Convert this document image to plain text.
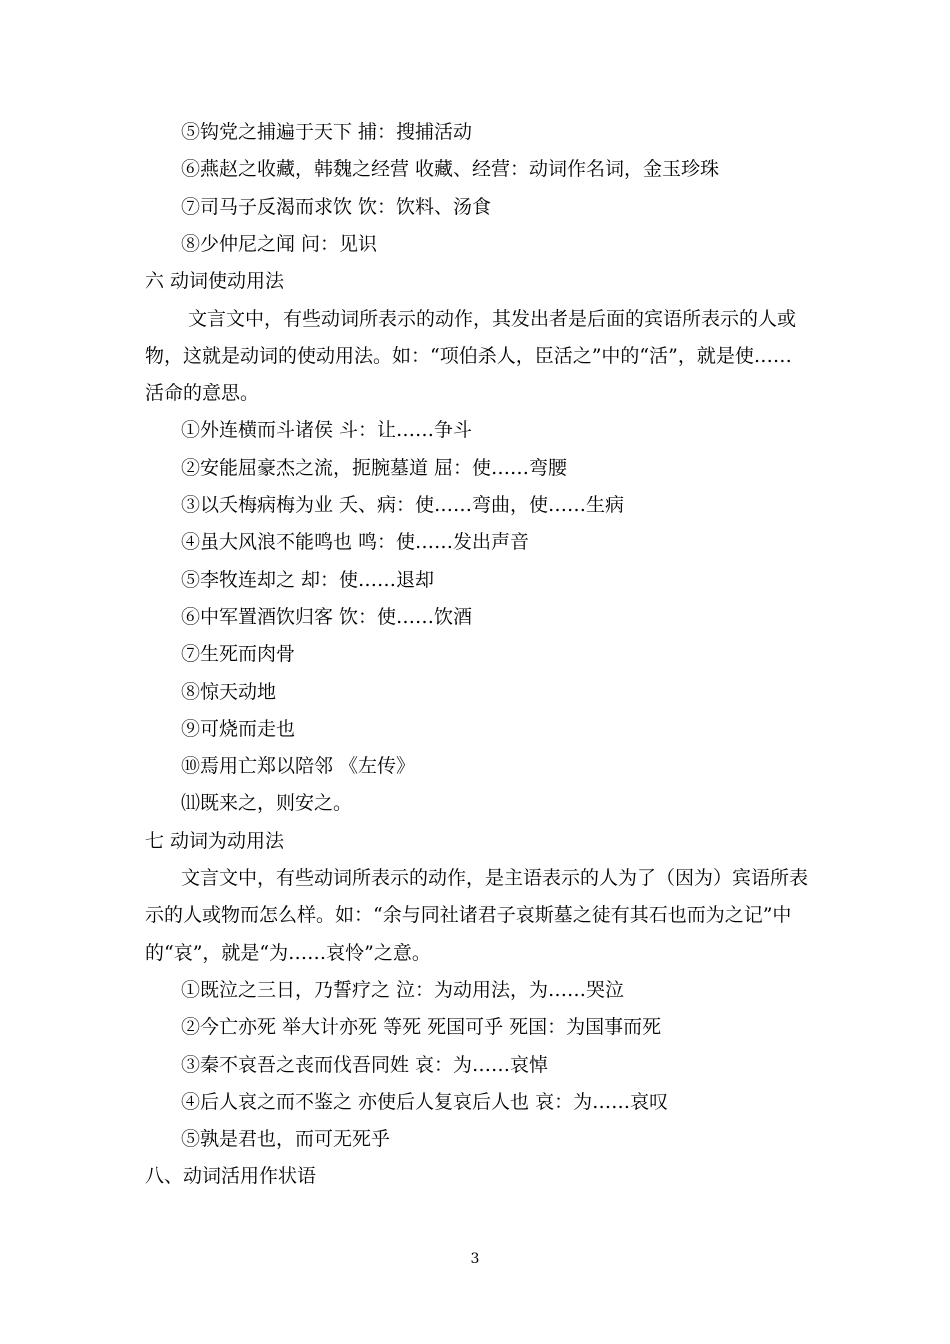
⑤钩党之捕遍于天下 捕：搜捕活动
⑥燕赵之收藏，韩魏之经营 收藏、经营：动词作名词，金玉珍珠
⑦司马子反渴而求饮 饮：饮料、汤食
⑧少仲尼之闻 问：见识
六 动词使动用法
文言文中，有些动词所表示的动作，其发出者是后面的宾语所表示的人或
物，这就是动词的使动用法。如：“项伯杀人，臣活之”中的“活”，就是使……
活命的意思。
①外连横而斗诸侯 斗：让……争斗
②安能屈豪杰之流，扼腕墓道 屈：使……弯腰
③以夭梅病梅为业 夭、病：使……弯曲，使……生病
④虽大风浪不能鸣也 鸣：使……发出声音
⑤李牧连却之 却：使……退却
⑥中军置酒饮归客 饮：使……饮酒
⑦生死而肉骨
⑧惊天动地
⑨可烧而走也
⑩焉用亡郑以陪邻 《左传》
⑾既来之，则安之。
七 动词为动用法
文言文中，有些动词所表示的动作，是主语表示的人为了（因为）宾语所表
示的人或物而怎么样。如：“余与同社诸君子哀斯墓之徒有其石也而为之记”中
的“哀”，就是“为……哀怜”之意。
①既泣之三日，乃誓疗之 泣：为动用法，为……哭泣
②今亡亦死 举大计亦死 等死 死国可乎 死国：为国事而死
③秦不哀吾之丧而伐吾同姓 哀：为……哀悼
④后人哀之而不鉴之 亦使后人复哀后人也 哀：为……哀叹
⑤孰是君也，而可无死乎
八、动词活用作状语
3
